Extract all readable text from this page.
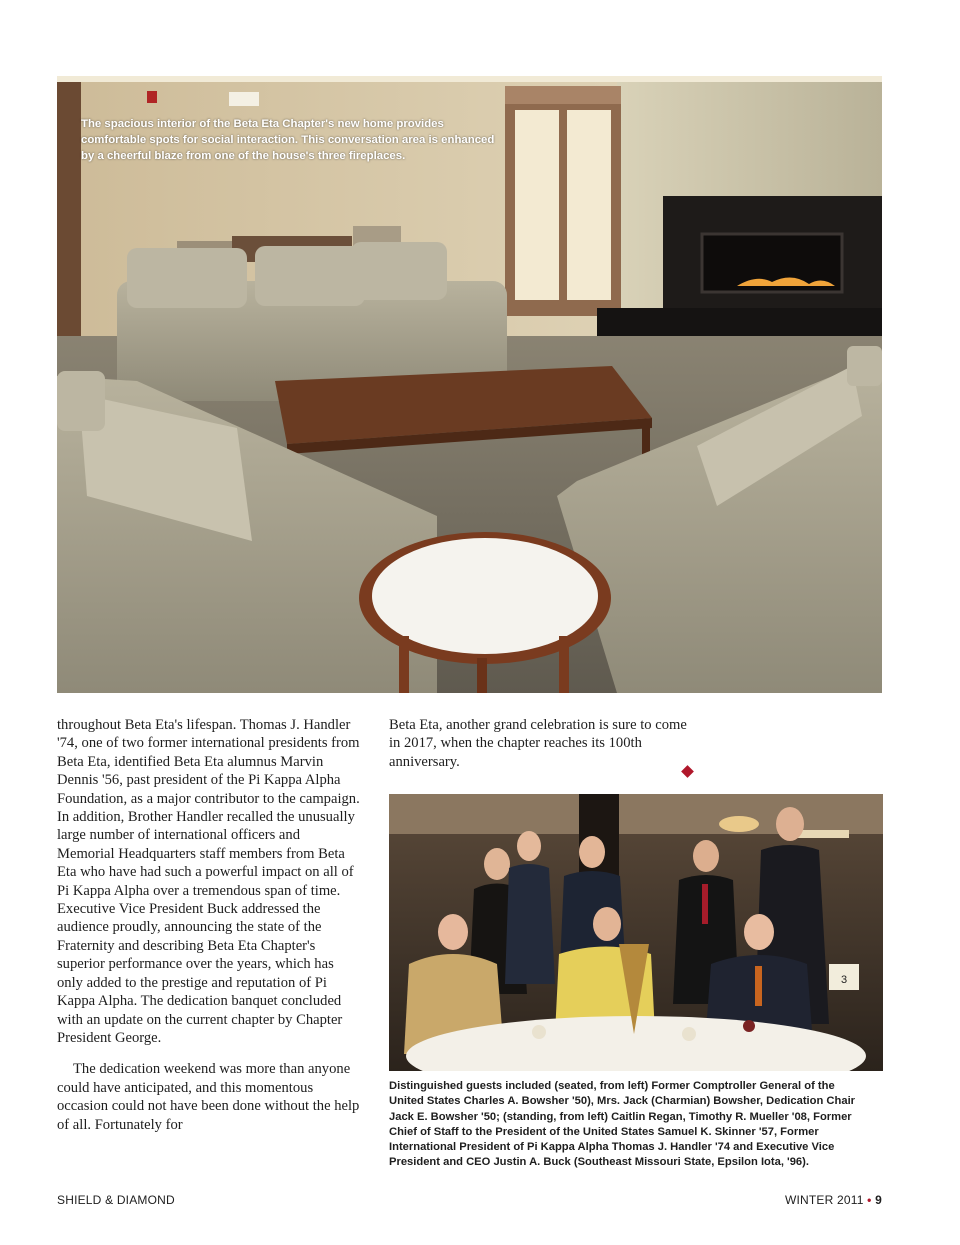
The spacious interior of the Beta Eta Chapter's new home provides comfortable spots for social interaction. This conversation area is enhanced by a cheerful blaze from one of the house's three fireplaces.

throughout Beta Eta's lifespan. Thomas J. Handler '74, one of two former international presidents from Beta Eta, identified Beta Eta alumnus Marvin Dennis '56, past president of the Pi Kappa Alpha Foundation, as a major contributor to the campaign. In addition, Brother Handler recalled the unusually large number of international officers and Memorial Headquarters staff members from Beta Eta who have had such a powerful impact on all of Pi Kappa Alpha over a tremendous span of time. Executive Vice President Buck addressed the audience proudly, announcing the state of the Fraternity and describing Beta Eta Chapter's superior performance over the years, which has only added to the prestige and reputation of Pi Kappa Alpha. The dedication banquet concluded with an update on the current chapter by Chapter President George.

The dedication weekend was more than anyone could have anticipated, and this momentous occasion could not have been done without the help of all. Fortunately for

Beta Eta, another grand celebration is sure to come in 2017, when the chapter reaches its 100th anniversary.

3
Distinguished guests included (seated, from left) Former Comptroller General of the United States Charles A. Bowsher '50), Mrs. Jack (Charmian) Bowsher, Dedication Chair Jack E. Bowsher '50; (standing, from left) Caitlin Regan, Timothy R. Mueller '08, Former Chief of Staff to the President of the United States Samuel K. Skinner '57, Former International President of Pi Kappa Alpha Thomas J. Handler '74 and Executive Vice President and CEO Justin A. Buck (Southeast Missouri State, Epsilon Iota, '96).
SHIELD & DIAMOND	WINTER 2011 • 9
